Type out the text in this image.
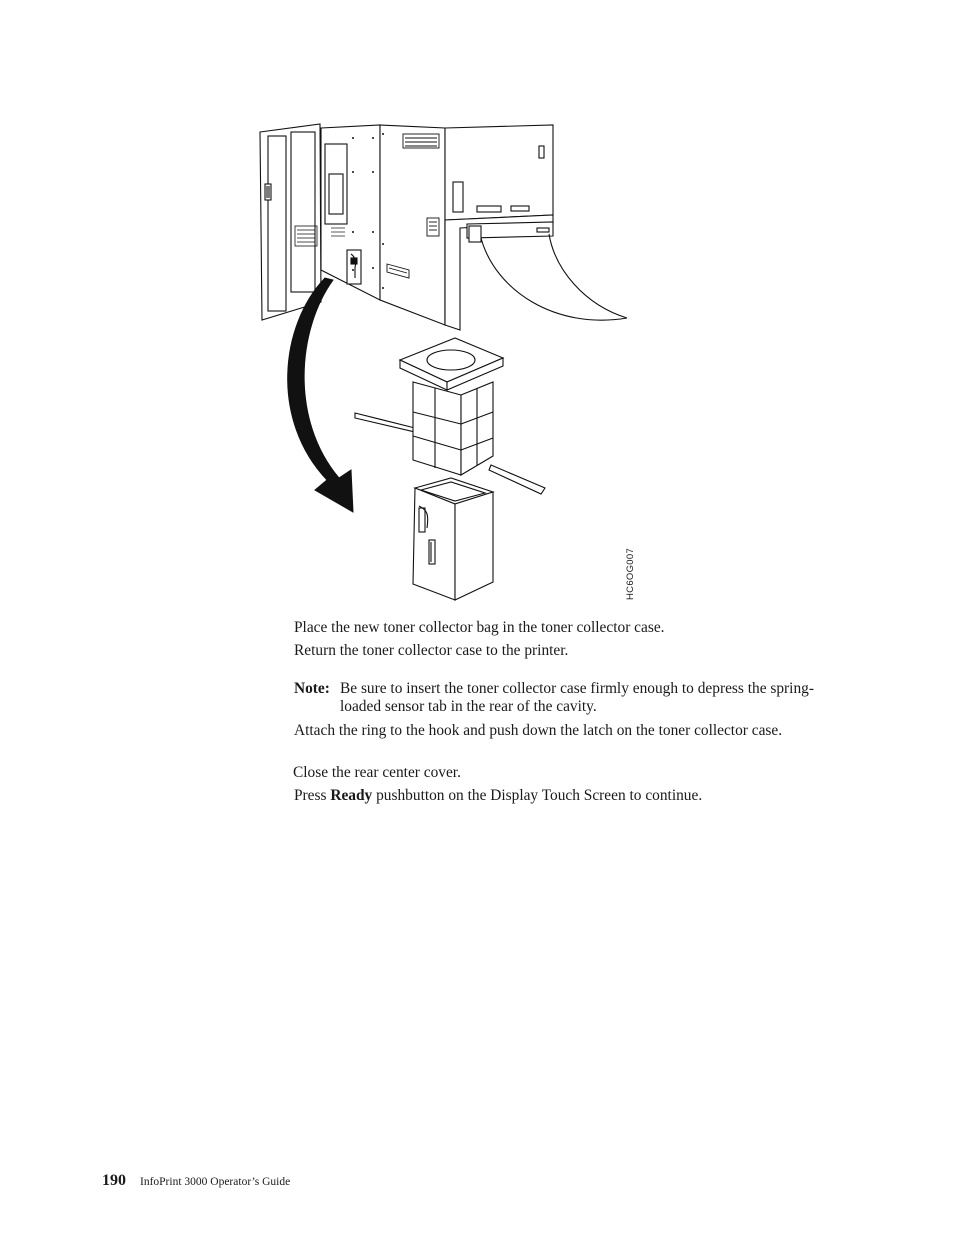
HC6OG007
Place the new toner collector bag in the toner collector case.
Return the toner collector case to the printer.
Note: Be sure to insert the toner collector case firmly enough to depress the spring-loaded sensor tab in the rear of the cavity.
Attach the ring to the hook and push down the latch on the toner collector case.
Close the rear center cover.
Press Ready pushbutton on the Display Touch Screen to continue.
190 InfoPrint 3000 Operator’s Guide
